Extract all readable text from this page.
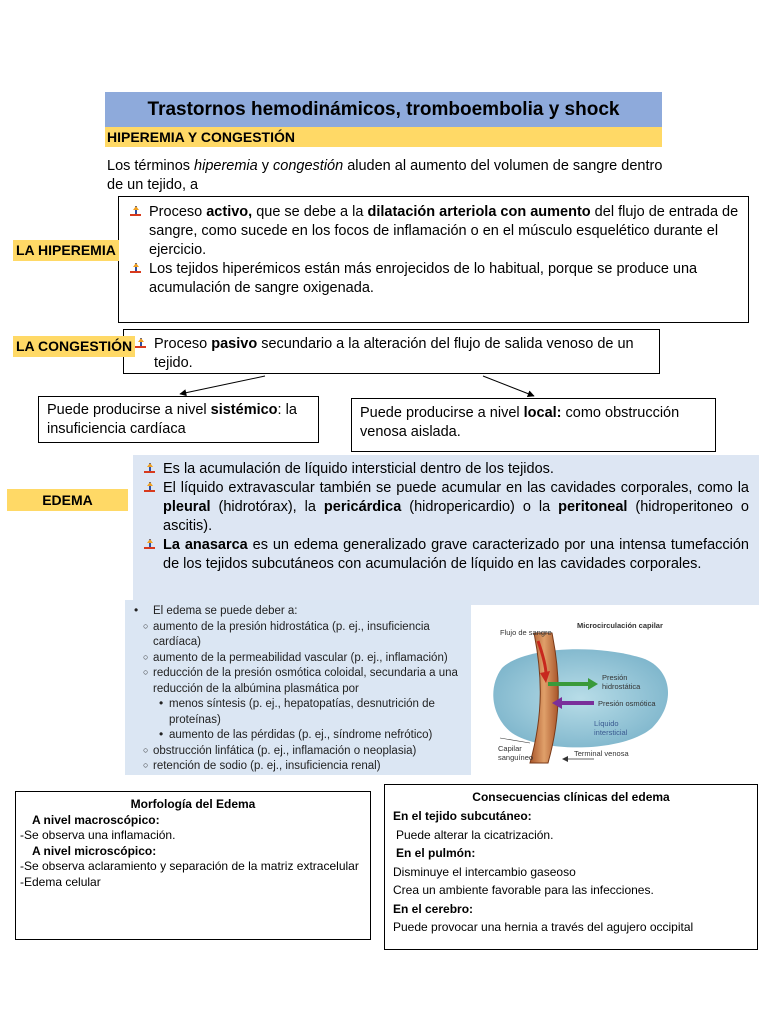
Trastornos hemodinámicos, tromboembolia y shock
HIPEREMIA Y CONGESTIÓN
Los términos hiperemia y congestión aluden al aumento del volumen de sangre dentro de un tejido, a
Proceso activo, que se debe a la dilatación arteriola con aumento del flujo de entrada de sangre, como sucede en los focos de inflamación o en el músculo esquelético durante el ejercicio.
Los tejidos hiperémicos están más enrojecidos de lo habitual, porque se produce una acumulación de sangre oxigenada.
LA HIPEREMIA
Proceso pasivo secundario a la alteración del flujo de salida venoso de un tejido.
LA CONGESTIÓN
Puede producirse a nivel sistémico: la insuficiencia cardíaca
Puede producirse a nivel local: como obstrucción venosa aislada.
Es la acumulación de líquido intersticial dentro de los tejidos.
El líquido extravascular también se puede acumular en las cavidades corporales, como la pleural (hidrotórax), la pericárdica (hidropericardio) o la peritoneal (hidroperitoneo o ascitis).
La anasarca es un edema generalizado grave caracterizado por una intensa tumefacción de los tejidos subcutáneos con acumulación de líquido en las cavidades corporales.
EDEMA
• El edema se puede deber a:
○ aumento de la presión hidrostática (p. ej., insuficiencia cardíaca)
○ aumento de la permeabilidad vascular (p. ej., inflamación)
○ reducción de la presión osmótica coloidal, secundaria a una reducción de la albúmina plasmática por
• menos síntesis (p. ej., hepatopatías, desnutrición de proteínas)
• aumento de las pérdidas (p. ej., síndrome nefrótico)
○ obstrucción linfática (p. ej., inflamación o neoplasia)
○ retención de sodio (p. ej., insuficiencia renal)
Microcirculación capilar
Flujo de sangre
Presión hidrostática
Presión osmótica
Líquido intersticial
Capilar sanguíneo	Terminal venosa
Morfología del Edema
A nivel macroscópico:
-Se observa una inflamación.
A nivel microscópico:
-Se observa aclaramiento y separación de la matriz extracelular
-Edema celular
Consecuencias clínicas del edema
En el tejido subcutáneo:
Puede alterar la cicatrización.
En el pulmón:
Disminuye el intercambio gaseoso
Crea un ambiente favorable para las infecciones.
En el cerebro:
Puede provocar una hernia a través del agujero occipital
